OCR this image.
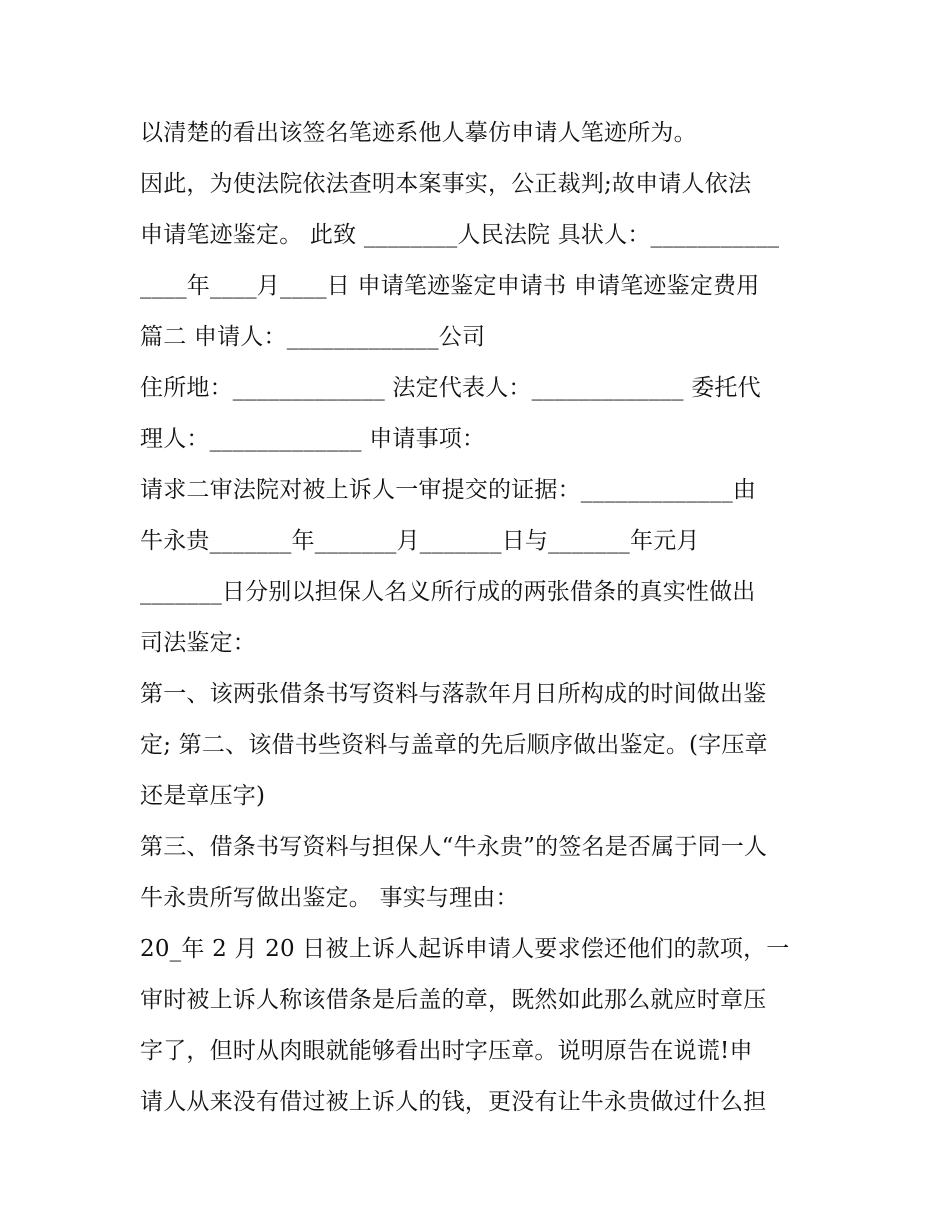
以清楚的看出该签名笔迹系他人摹仿申请人笔迹所为。
因此，为使法院依法查明本案事实，公正裁判;故申请人依法
申请笔迹鉴定。 此致 ________人民法院 具状人：___________
____年____月____日 申请笔迹鉴定申请书 申请笔迹鉴定费用
篇二 申请人：_____________公司
住所地：_____________ 法定代表人：_____________ 委托代
理人：_____________ 申请事项：
请求二审法院对被上诉人一审提交的证据：_____________由
牛永贵_______年_______月_______日与_______年元月
_______日分别以担保人名义所行成的两张借条的真实性做出
司法鉴定：
第一、该两张借条书写资料与落款年月日所构成的时间做出鉴
定; 第二、该借书些资料与盖章的先后顺序做出鉴定。(字压章
还是章压字)
第三、借条书写资料与担保人“牛永贵”的签名是否属于同一人
牛永贵所写做出鉴定。 事实与理由：
20_年 2 月 20 日被上诉人起诉申请人要求偿还他们的款项，一
审时被上诉人称该借条是后盖的章，既然如此那么就应时章压
字了，但时从肉眼就能够看出时字压章。说明原告在说谎!申
请人从来没有借过被上诉人的钱，更没有让牛永贵做过什么担
